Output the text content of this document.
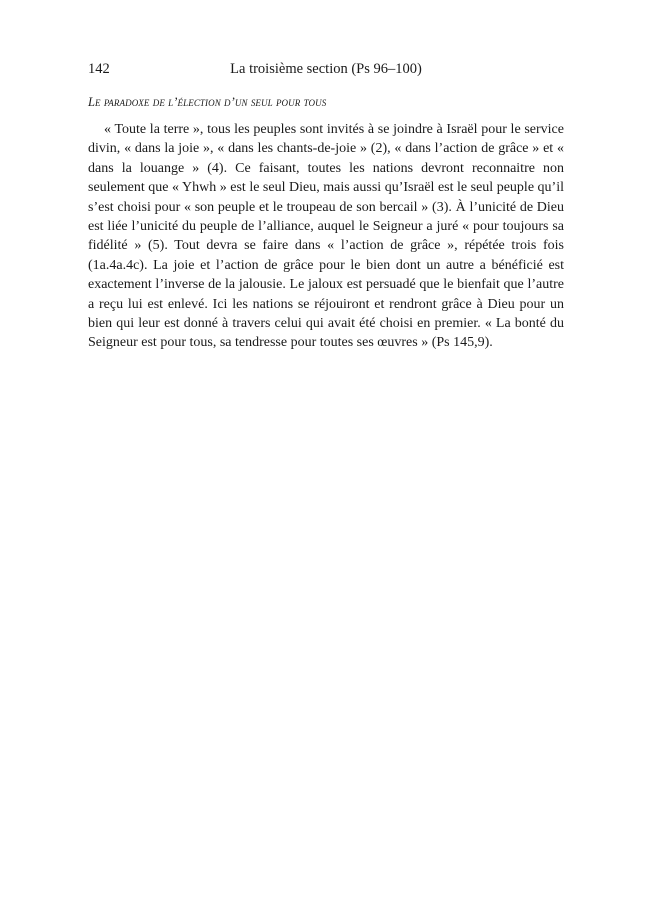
142	La troisième section (Ps 96–100)
Le paradoxe de l’élection d’un seul pour tous

« Toute la terre », tous les peuples sont invités à se joindre à Israël pour le service divin, « dans la joie », « dans les chants-de-joie » (2), « dans l’action de grâce » et « dans la louange » (4). Ce faisant, toutes les nations devront reconnaitre non seulement que « Yhwh » est le seul Dieu, mais aussi qu’Israël est le seul peuple qu’il s’est choisi pour « son peuple et le troupeau de son bercail » (3). À l’unicité de Dieu est liée l’unicité du peuple de l’alliance, auquel le Seigneur a juré « pour toujours sa fidélité » (5). Tout devra se faire dans « l’action de grâce », répétée trois fois (1a.4a.4c). La joie et l’action de grâce pour le bien dont un autre a bénéficié est exactement l’inverse de la jalousie. Le jaloux est persuadé que le bienfait que l’autre a reçu lui est enlevé. Ici les nations se réjouiront et rendront grâce à Dieu pour un bien qui leur est donné à travers celui qui avait été choisi en premier. « La bonté du Seigneur est pour tous, sa tendresse pour toutes ses œuvres » (Ps 145,9).
